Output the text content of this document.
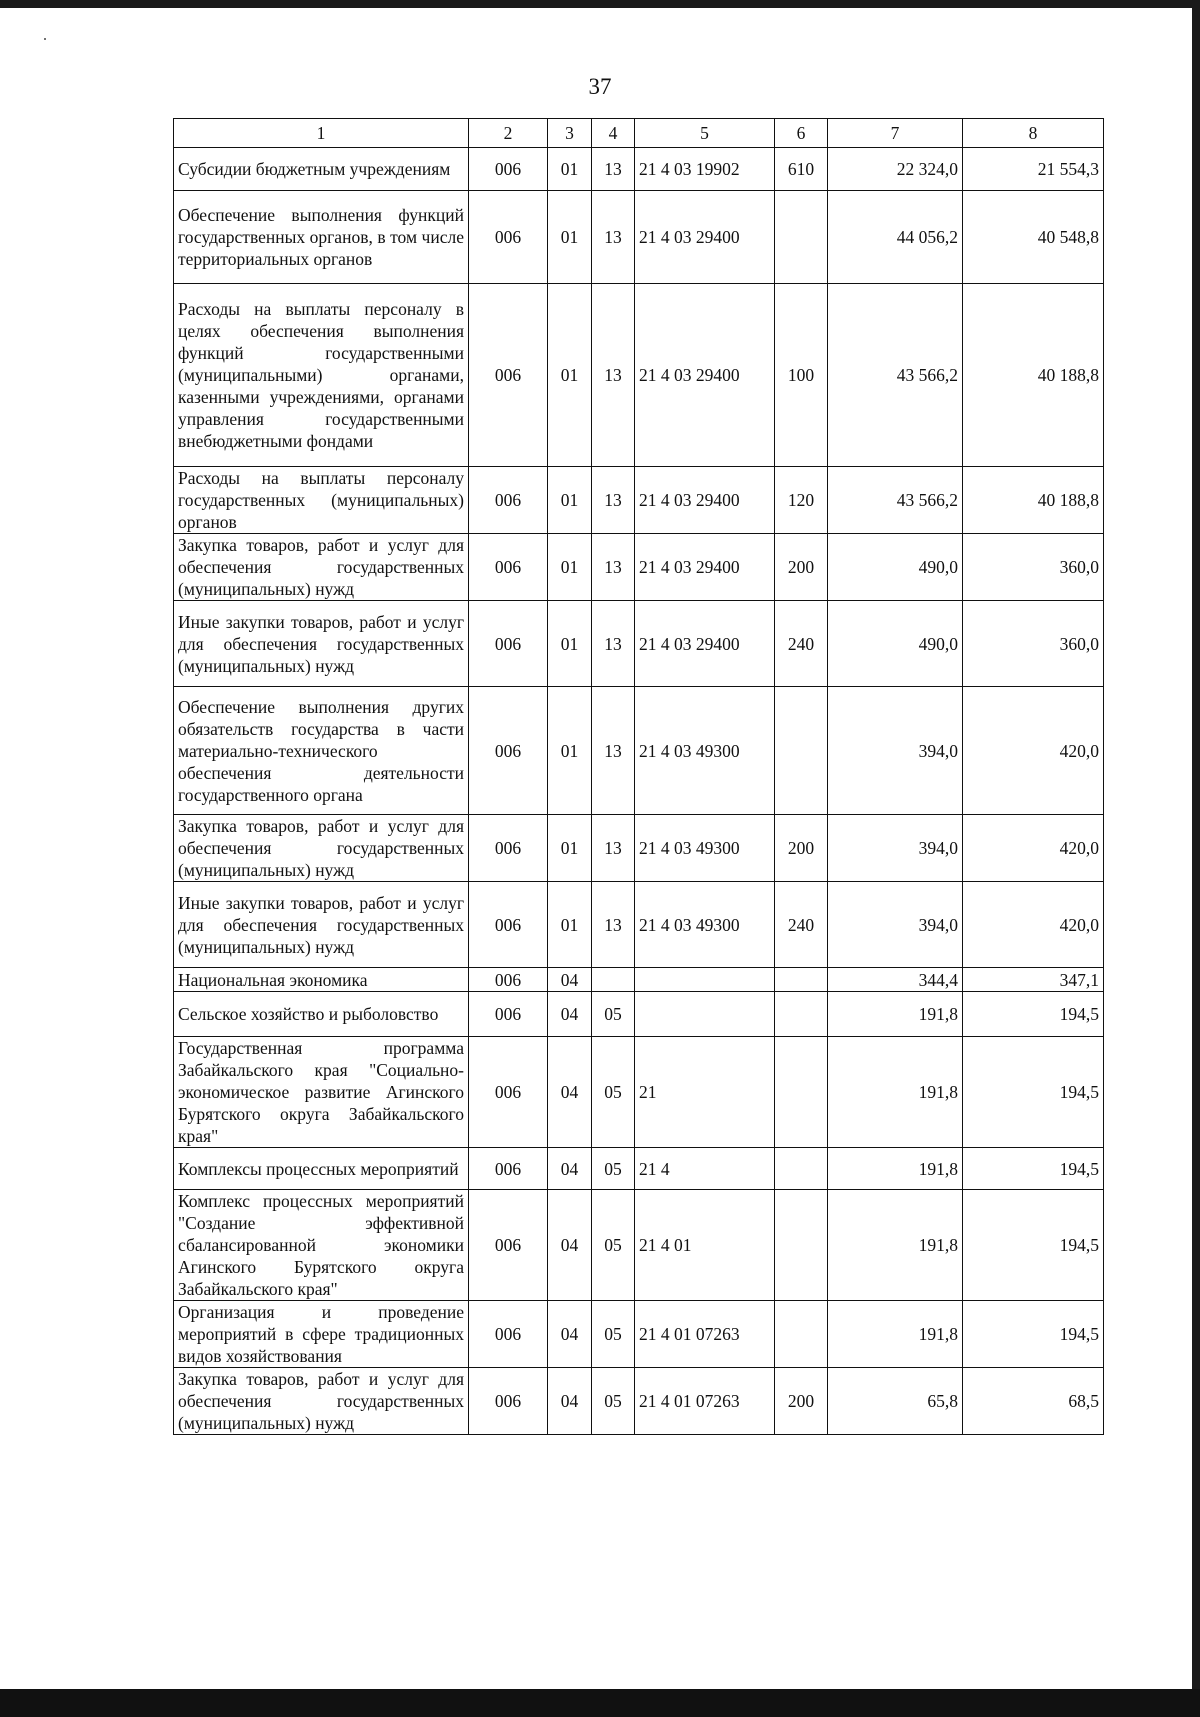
37
1	2	3	4	5	6	7	8
Субсидии бюджетным учреждениям	006	01	13	21 4 03 19902	610	22 324,0	21 554,3
Обеспечение выполнения функций государственных органов, в том числе территориальных органов	006	01	13	21 4 03 29400		44 056,2	40 548,8
Расходы на выплаты персоналу в целях обеспечения выполнения функций государственными (муниципальными) органами, казенными учреждениями, органами управления государственными внебюджетными фондами	006	01	13	21 4 03 29400	100	43 566,2	40 188,8
Расходы на выплаты персоналу государственных (муниципальных) органов	006	01	13	21 4 03 29400	120	43 566,2	40 188,8
Закупка товаров, работ и услуг для обеспечения государственных (муниципальных) нужд	006	01	13	21 4 03 29400	200	490,0	360,0
Иные закупки товаров, работ и услуг для обеспечения государственных (муниципальных) нужд	006	01	13	21 4 03 29400	240	490,0	360,0
Обеспечение выполнения других обязательств государства в части материально-технического обеспечения деятельности государственного органа	006	01	13	21 4 03 49300		394,0	420,0
Закупка товаров, работ и услуг для обеспечения государственных (муниципальных) нужд	006	01	13	21 4 03 49300	200	394,0	420,0
Иные закупки товаров, работ и услуг для обеспечения государственных (муниципальных) нужд	006	01	13	21 4 03 49300	240	394,0	420,0
Национальная экономика	006	04				344,4	347,1
Сельское хозяйство и рыболовство	006	04	05			191,8	194,5
Государственная программа Забайкальского края "Социально-экономическое развитие Агинского Бурятского округа Забайкальского края"	006	04	05	21		191,8	194,5
Комплексы процессных мероприятий	006	04	05	21 4		191,8	194,5
Комплекс процессных мероприятий "Создание эффективной сбалансированной экономики Агинского Бурятского округа Забайкальского края"	006	04	05	21 4 01		191,8	194,5
Организация и проведение мероприятий в сфере традиционных видов хозяйствования	006	04	05	21 4 01 07263		191,8	194,5
Закупка товаров, работ и услуг для обеспечения государственных (муниципальных) нужд	006	04	05	21 4 01 07263	200	65,8	68,5
